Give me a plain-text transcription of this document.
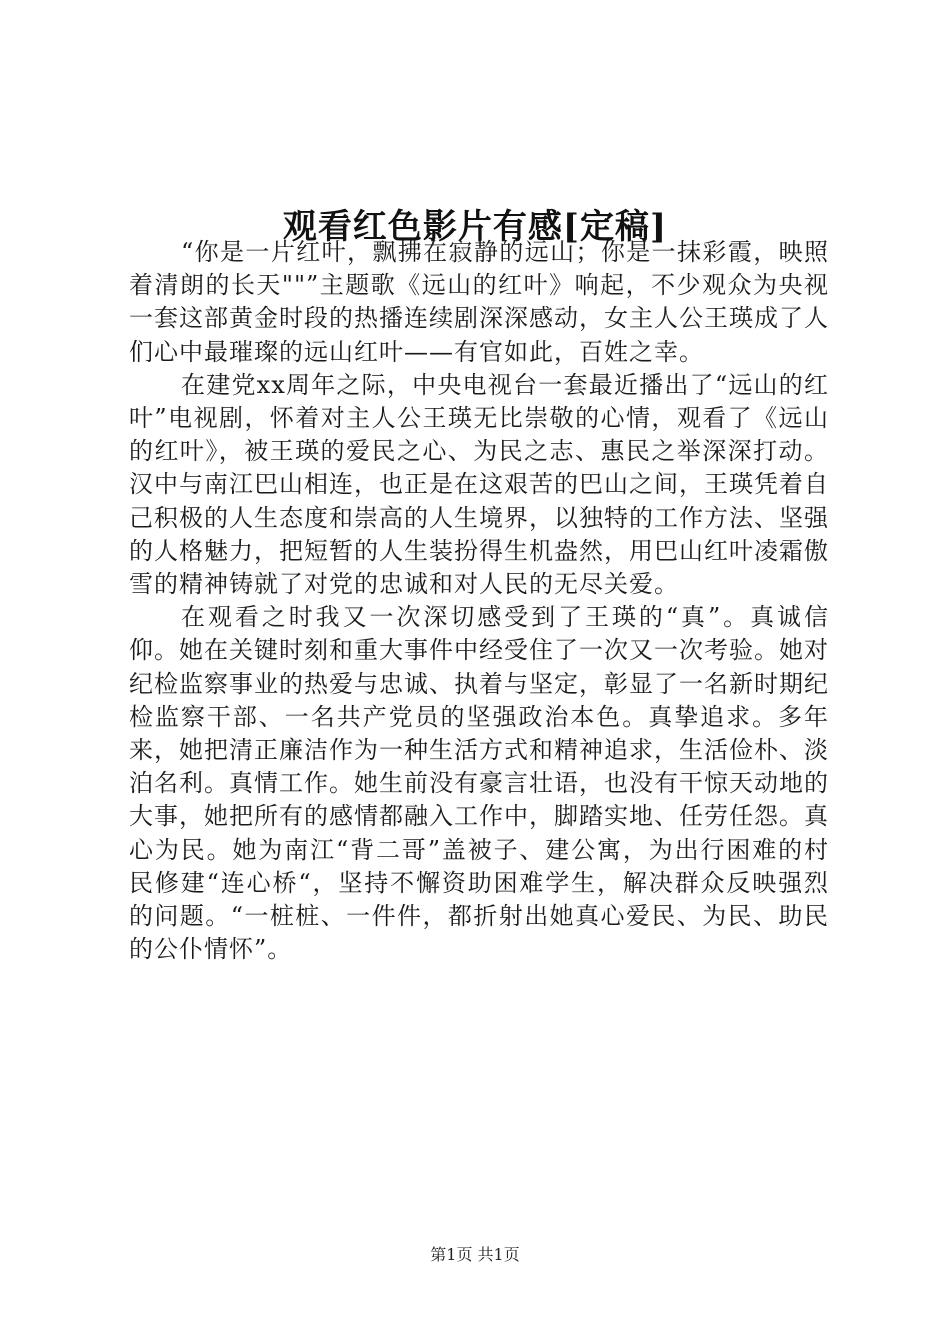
观看红色影片有感[定稿]

“你是一片红叶，飘拂在寂静的远山；你是一抹彩霞，映照着清朗的长天""”主题歌《远山的红叶》响起，不少观众为央视一套这部黄金时段的热播连续剧深深感动，女主人公王瑛成了人们心中最璀璨的远山红叶——有官如此，百姓之幸。

在建党xx周年之际，中央电视台一套最近播出了“远山的红叶”电视剧，怀着对主人公王瑛无比崇敬的心情，观看了《远山的红叶》，被王瑛的爱民之心、为民之志、惠民之举深深打动。汉中与南江巴山相连，也正是在这艰苦的巴山之间，王瑛凭着自己积极的人生态度和崇高的人生境界，以独特的工作方法、坚强的人格魅力，把短暂的人生装扮得生机盎然，用巴山红叶凌霜傲雪的精神铸就了对党的忠诚和对人民的无尽关爱。

在观看之时我又一次深切感受到了王瑛的“真”。真诚信仰。她在关键时刻和重大事件中经受住了一次又一次考验。她对纪检监察事业的热爱与忠诚、执着与坚定，彰显了一名新时期纪检监察干部、一名共产党员的坚强政治本色。真挚追求。多年来，她把清正廉洁作为一种生活方式和精神追求，生活俭朴、淡泊名利。真情工作。她生前没有豪言壮语，也没有干惊天动地的大事，她把所有的感情都融入工作中，脚踏实地、任劳任怨。真心为民。她为南江“背二哥”盖被子、建公寓，为出行困难的村民修建“连心桥“，坚持不懈资助困难学生，解决群众反映强烈的问题。“一桩桩、一件件，都折射出她真心爱民、为民、助民的公仆情怀”。

第1页 共1页
